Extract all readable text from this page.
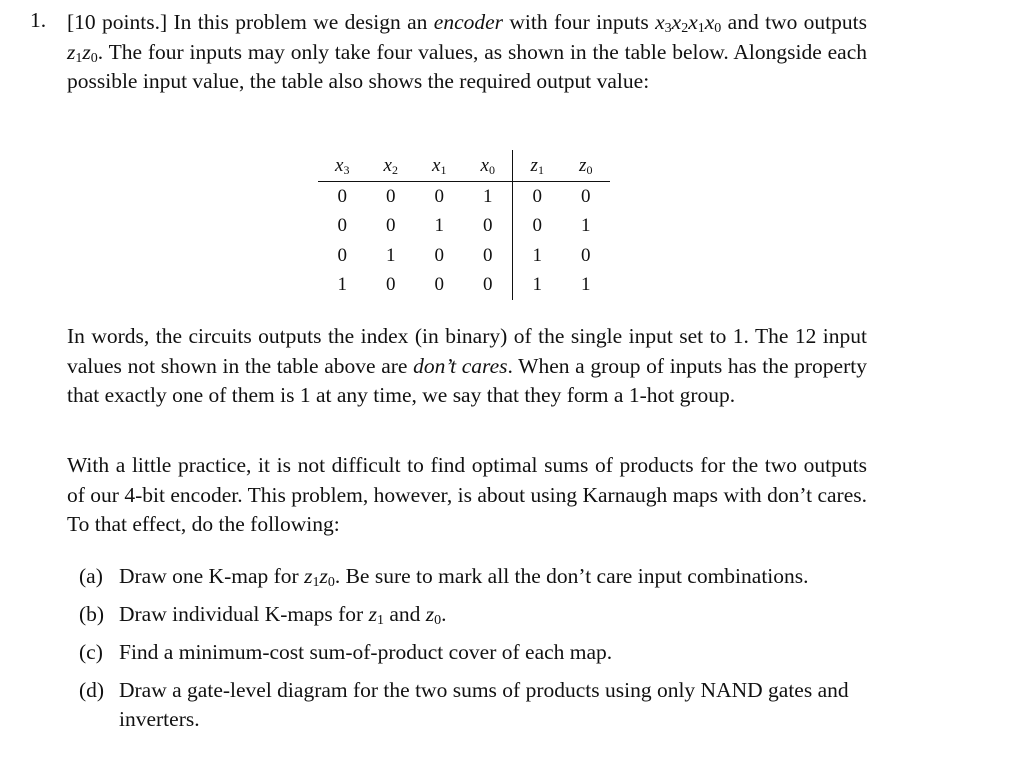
1. [10 points.] In this problem we design an encoder with four inputs $x_3x_2x_1x_0$ and two outputs $z_1z_0$. The four inputs may only take four values, as shown in the table below. Alongside each possible input value, the table also shows the required output value:

$x_3$	$x_2$	$x_1$	$x_0$	$z_1$	$z_0$
0	0	0	1	0	0
0	0	1	0	0	1
0	1	0	0	1	0
1	0	0	0	1	1

In words, the circuits outputs the index (in binary) of the single input set to 1. The 12 input values not shown in the table above are don’t cares. When a group of inputs has the property that exactly one of them is 1 at any time, we say that they form a 1-hot group.

With a little practice, it is not difficult to find optimal sums of products for the two outputs of our 4-bit encoder. This problem, however, is about using Karnaugh maps with don’t cares. To that effect, do the following:

(a) Draw one K-map for $z_1z_0$. Be sure to mark all the don’t care input combinations.
(b) Draw individual K-maps for $z_1$ and $z_0$.
(c) Find a minimum-cost sum-of-product cover of each map.
(d) Draw a gate-level diagram for the two sums of products using only NAND gates and inverters.
